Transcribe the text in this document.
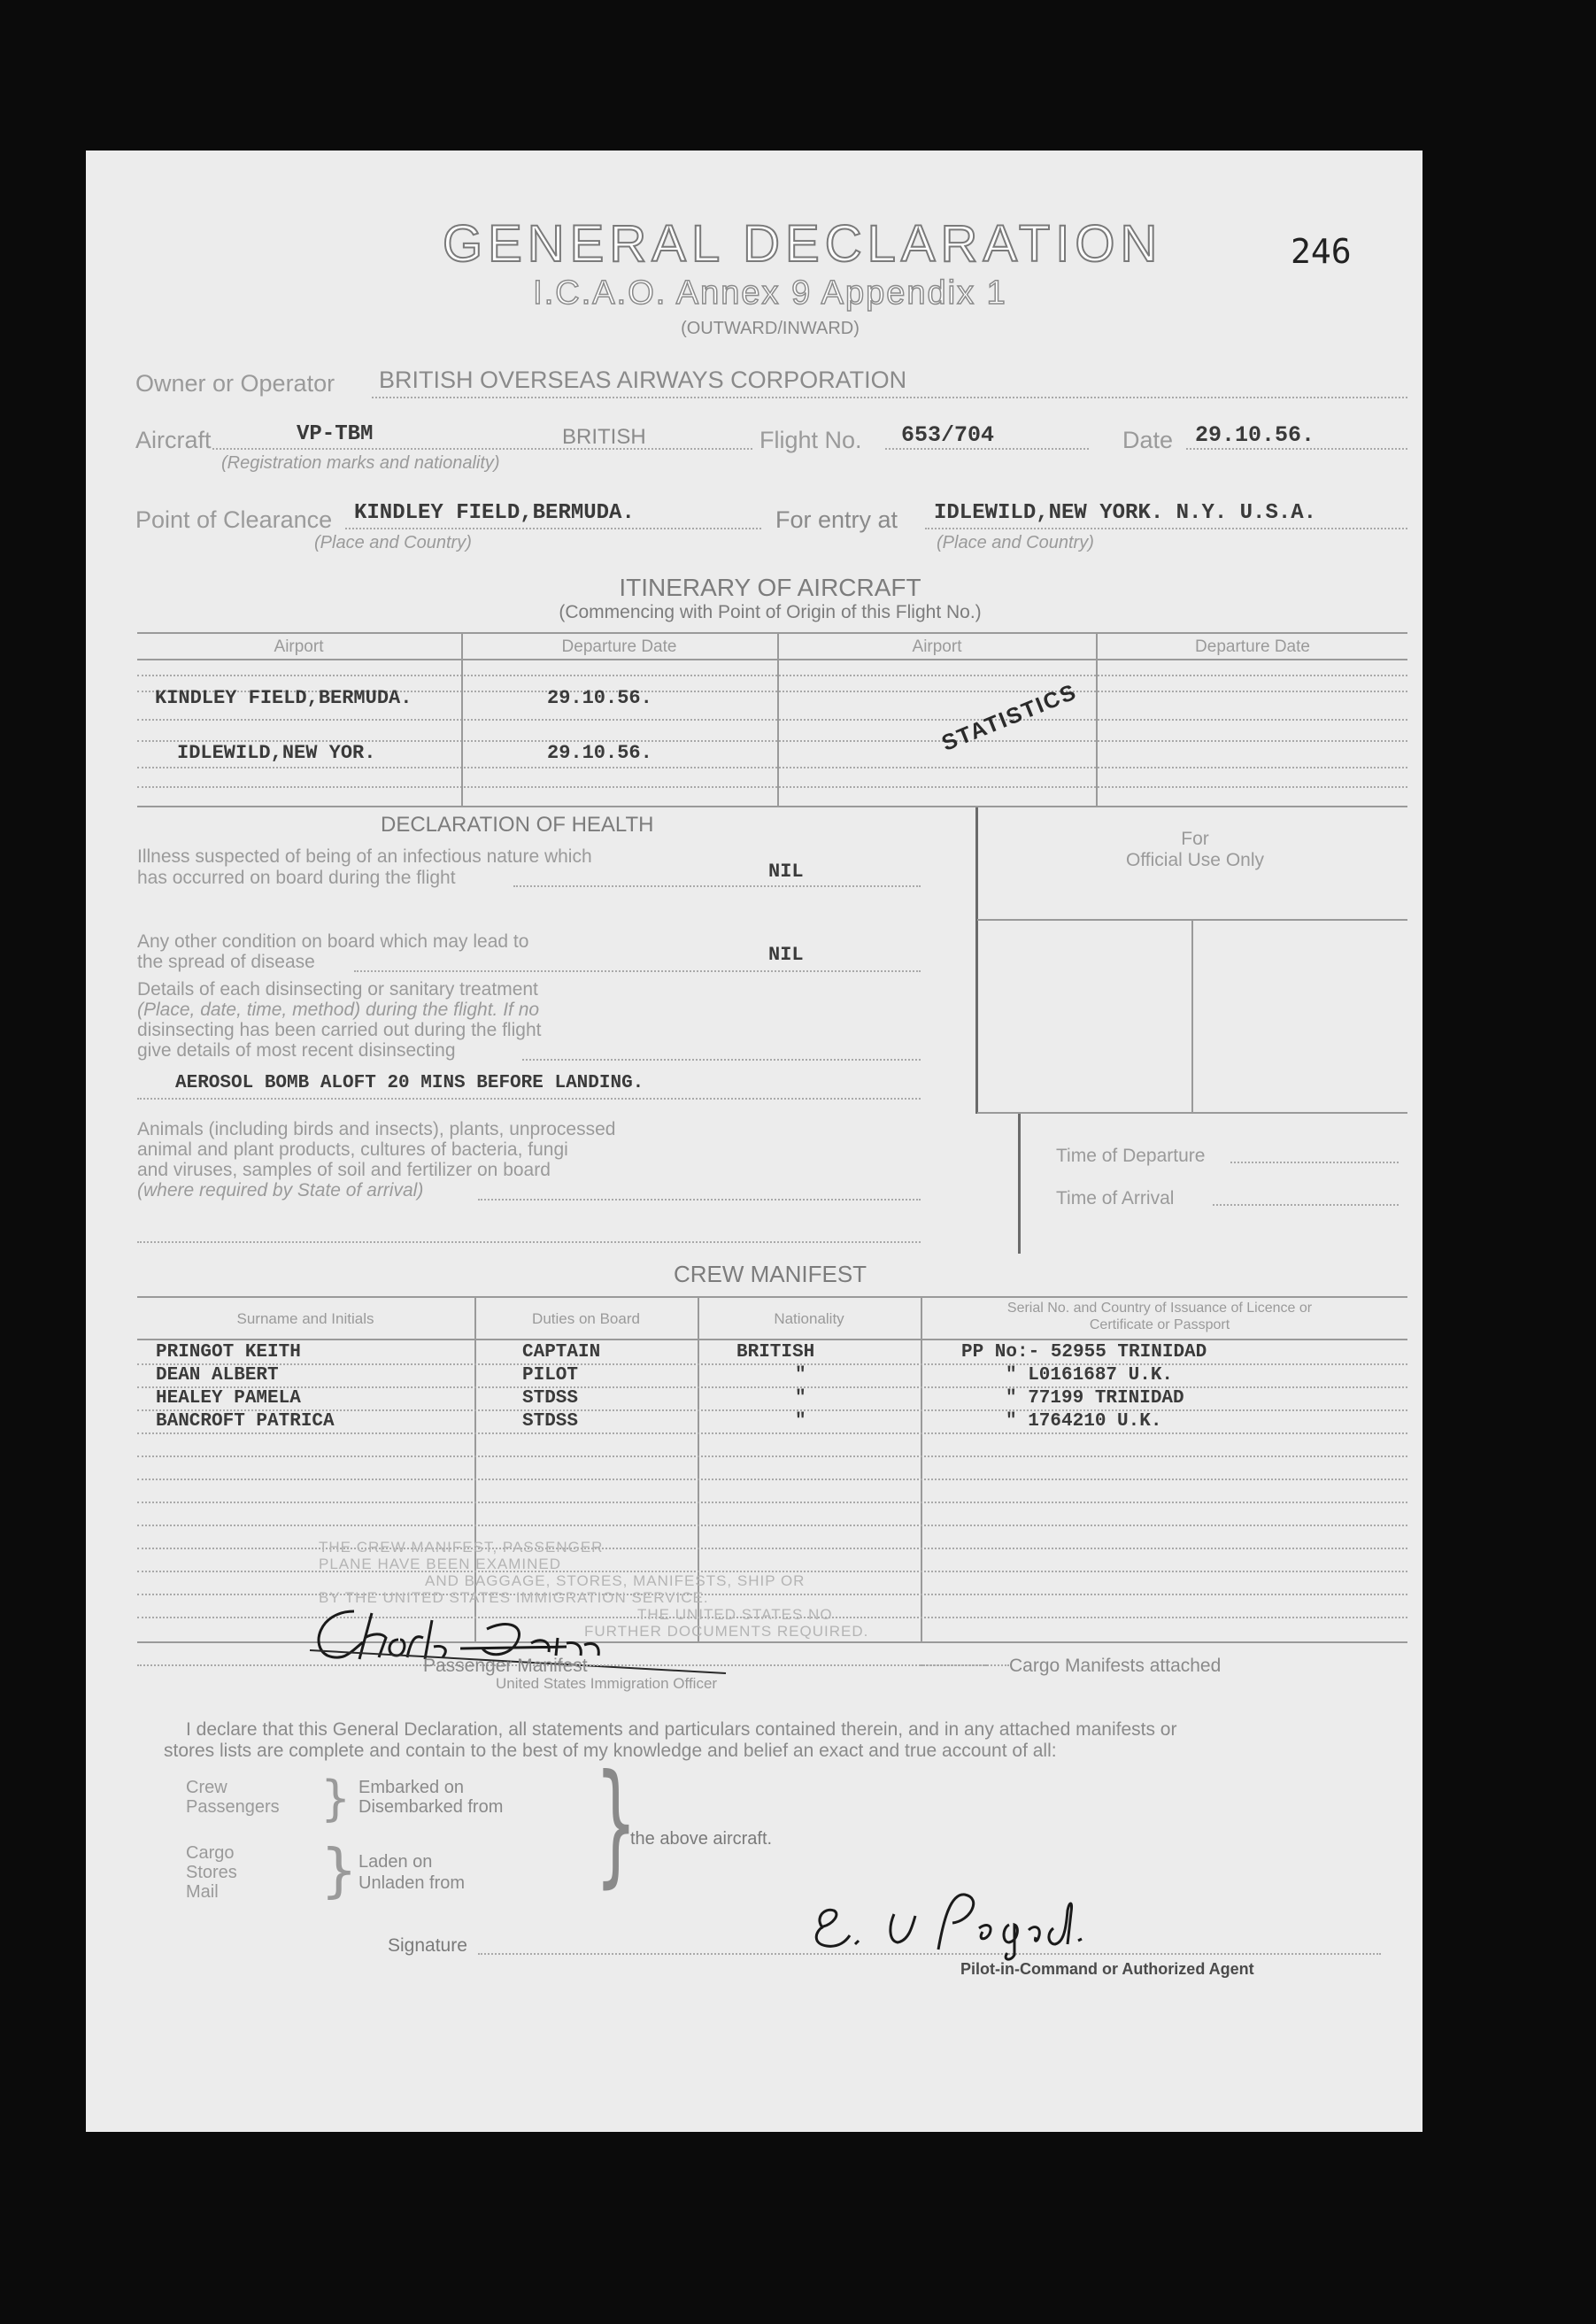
246
GENERAL DECLARATION
I.C.A.O. Annex 9 Appendix 1
(OUTWARD/INWARD)
Owner or Operator BRITISH OVERSEAS AIRWAYS CORPORATION
Aircraft	VP-TBM	BRITISH
(Registration marks and nationality)
Flight No. 653/704	Date 29.10.56.
Point of Clearance KINDLEY FIELD,BERMUDA.
(Place and Country)
For entry at IDLEWILD,NEW YORK. N.Y. U.S.A.
(Place and Country)
ITINERARY OF AIRCRAFT
(Commencing with Point of Origin of this Flight No.)
Airport	Departure Date	Airport	Departure Date
KINDLEY FIELD,BERMUDA.	29.10.56.
IDLEWILD,NEW YOR.	29.10.56.	STATISTICS
DECLARATION OF HEALTH
Illness suspected of being of an infectious nature which
has occurred on board during the flight	NIL
Any other condition on board which may lead to
the spread of disease	NIL
Details of each disinsecting or sanitary treatment
(Place, date, time, method) during the flight. If no
disinsecting has been carried out during the flight
give details of most recent disinsecting
AEROSOL BOMB ALOFT 20 MINS BEFORE LANDING.
Animals (including birds and insects), plants, unprocessed
animal and plant products, cultures of bacteria, fungi
and viruses, samples of soil and fertilizer on board
(where required by State of arrival)
For
Official Use Only
Time of Departure
Time of Arrival
CREW MANIFEST
Surname and Initials	Duties on Board	Nationality
Serial No. and Country of Issuance of Licence or Certificate or Passport
PRINGOT KEITH	CAPTAIN	BRITISH	PP No:- 52955 TRINIDAD
DEAN ALBERT	PILOT	"	" L0161687 U.K.
HEALEY PAMELA	STDSS	"	" 77199 TRINIDAD
BANCROFT PATRICA	STDSS	"	" 1764210 U.K.
THE CREW MANIFEST, PASSENGER
PLANE HAVE BEEN EXAMINED
AND BAGGAGE, STORES, MANIFESTS, SHIP OR
BY THE UNITED STATES IMMIGRATION SERVICE.
THE UNITED STATES NO
FURTHER DOCUMENTS REQUIRED.
Passenger Manifest
United States Immigration Officer
Cargo Manifests attached
I declare that this General Declaration, all statements and particulars contained therein, and in any attached manifests or
stores lists are complete and contain to the best of my knowledge and belief an exact and true account of all:
Crew
Passengers } Embarked on
Disembarked from
Cargo
Stores
Mail } Laden on
Unladen from }
the above aircraft.
Signature
Pilot-in-Command or Authorized Agent
